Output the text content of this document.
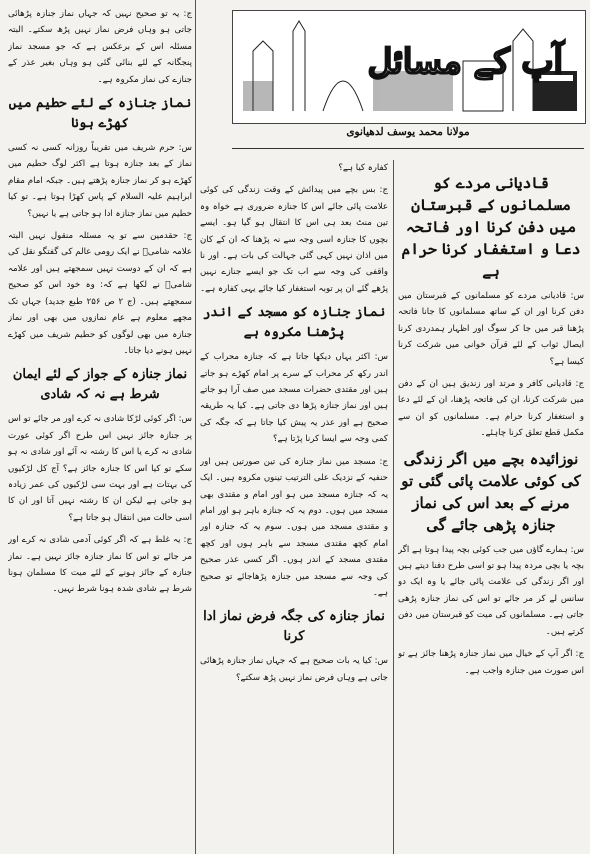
آپ کے مسائل
مولانا محمد یوسف لدھیانوی
قادیانی مردے کو مسلمانوں کے قبرستان میں دفن کرنا اور فاتحہ دعا و استغفار کرنا حرام ہے

س: قادیانی مردے کو مسلمانوں کے قبرستان میں دفن کرنا اور ان کے ساتھ مسلمانوں کا جانا فاتحہ پڑھنا قبر میں جا کر سوگ اور اظہار ہمدردی کرنا ایصال ثواب کے لئے قرآن خوانی میں شرکت کرنا کیسا ہے؟

ج: قادیانی کافر و مرتد اور زندیق ہیں ان کے دفن میں شرکت کرنا، ان کی فاتحہ پڑھنا، ان کے لئے دعا و استغفار کرنا حرام ہے۔ مسلمانوں کو ان سے مکمل قطع تعلق کرنا چاہئے۔

نوزائیدہ بچے میں اگر زندگی کی کوئی علامت پائی گئی تو مرنے کے بعد اس کی نماز جنازہ پڑھی جائے گی

س: ہمارے گاؤں میں جب کوئی بچہ پیدا ہوتا ہے اگر بچہ یا بچی مردہ پیدا ہو تو اسی طرح دفنا دیتے ہیں اور اگر زندگی کی علامت پائی جائے یا وہ ایک دو سانس لے کر مر جائے تو اس کی نماز جنازہ پڑھی جاتی ہے۔ مسلمانوں کی میت کو قبرستان میں دفن کرتے ہیں۔

ج: اگر آپ کے خیال میں نماز جنازہ پڑھنا جائز ہے تو اس صورت میں جنازہ واجب ہے۔

کفارہ کیا ہے؟

ج: بس بچے میں پیدائش کے وقت زندگی کی کوئی علامت پائی جائے اس کا جنازہ ضروری ہے خواہ وہ تین منٹ بعد ہی اس کا انتقال ہو گیا ہو۔ ایسے بچوں کا جنازہ اسی وجہ سے نہ پڑھنا کہ ان کے کان میں اذان نہیں کہی گئی جہالت کی بات ہے۔ اور نا واقفی کی وجہ سے اب تک جو ایسے جنازے نہیں پڑھے گئے ان پر توبہ استغفار کیا جائے یہی کفارہ ہے۔

نماز جنازہ کو مسجد کے اندر پڑھنا مکروہ ہے

س: اکثر یہاں دیکھا جاتا ہے کہ جنازہ محراب کے اندر رکھ کر محراب کے سرے پر امام کھڑے ہو جاتے ہیں اور مقتدی حضرات مسجد میں صف آرا ہو جاتے ہیں اور نماز جنازہ پڑھا دی جاتی ہے۔ کیا یہ طریقہ صحیح ہے اور عذر یہ پیش کیا جاتا ہے کہ جگہ کی کمی وجہ سے ایسا کرنا پڑتا ہے؟

ج: مسجد میں نماز جنازہ کی تین صورتیں ہیں اور حنفیہ کے نزدیک علی الترتیب تینوں مکروہ ہیں۔ ایک یہ کہ جنازہ مسجد میں ہو اور امام و مقتدی بھی مسجد میں ہوں۔ دوم یہ کہ جنازہ باہر ہو اور امام و مقتدی مسجد میں ہوں۔ سوم یہ کہ جنازہ اور امام کچھ مقتدی مسجد سے باہر ہوں اور کچھ مقتدی مسجد کے اندر ہوں۔ اگر کسی عذر صحیح کی وجہ سے مسجد میں جنازہ پڑھاجائے تو صحیح ہے۔

نماز جنازہ کی جگہ فرض نماز ادا کرنا

س: کیا یہ بات صحیح ہے کہ جہاں نماز جنازہ پڑھائی جاتی ہے وہاں فرض نماز نہیں پڑھ سکتے؟

ج: یہ تو صحیح نہیں کہ جہاں نماز جنازہ پڑھائی جاتی ہو وہاں فرض نماز نہیں پڑھ سکتے۔ البتہ مسئلہ اس کے برعکس ہے کہ جو مسجد نماز پنجگانہ کے لئے بنائی گئی ہو وہاں بغیر عذر کے جنازے کی نماز مکروہ ہے۔

نماز جنازہ کے لئے حطیم میں کھڑے ہونا

س: حرم شریف میں تقریباً روزانہ کسی نہ کسی نماز کے بعد جنازہ ہوتا ہے اکثر لوگ حطیم میں کھڑے ہو کر نماز جنازہ پڑھتے ہیں۔ جبکہ امام مقام ابراہیم علیہ السلام کے پاس کھڑا ہوتا ہے۔ تو کیا حطیم میں نماز جنازہ ادا ہو جاتی ہے یا نہیں؟

ج: حقدمین سے تو یہ مسئلہ منقول نہیں البتہ علامہ شامیؒ نے ایک رومی عالم کی گفتگو نقل کی ہے کہ ان کے دوست نہیں سمجھتے ہیں اور علامہ شامیؒ نے لکھا ہے کہ: وہ خود اس کو صحیح سمجھتے ہیں۔ (ج ۲ ص ۲۵۶ طبع جدید) جہاں تک مجھے معلوم ہے عام نمازوں میں بھی اور نماز جنازہ میں بھی لوگوں کو حطیم شریف میں کھڑے نہیں ہونے دیا جاتا۔

نماز جنازہ کے جواز کے لئے ایمان شرط ہے نہ کہ شادی

س: اگر کوئی لڑکا شادی نہ کرے اور مر جائے تو اس پر جنازہ جائز نہیں اس طرح اگر کوئی عورت شادی نہ کرے یا اس کا رشتہ نہ آئے اور شادی نہ ہو سکے تو کیا اس کا جنازہ جائز ہے؟ آج کل لڑکیوں کی بہتات ہے اور بہت سی لڑکیوں کی عمر زیادہ ہو جاتی ہے لیکن ان کا رشتہ نہیں آتا اور ان کا اسی حالت میں انتقال ہو جاتا ہے؟

ج: یہ غلط ہے کہ اگر کوئی آدمی شادی نہ کرے اور مر جائے تو اس کا نماز جنازہ جائز نہیں ہے۔ نماز جنازہ کے جائز ہونے کے لئے میت کا مسلمان ہونا شرط ہے شادی شدہ ہونا شرط نہیں۔
